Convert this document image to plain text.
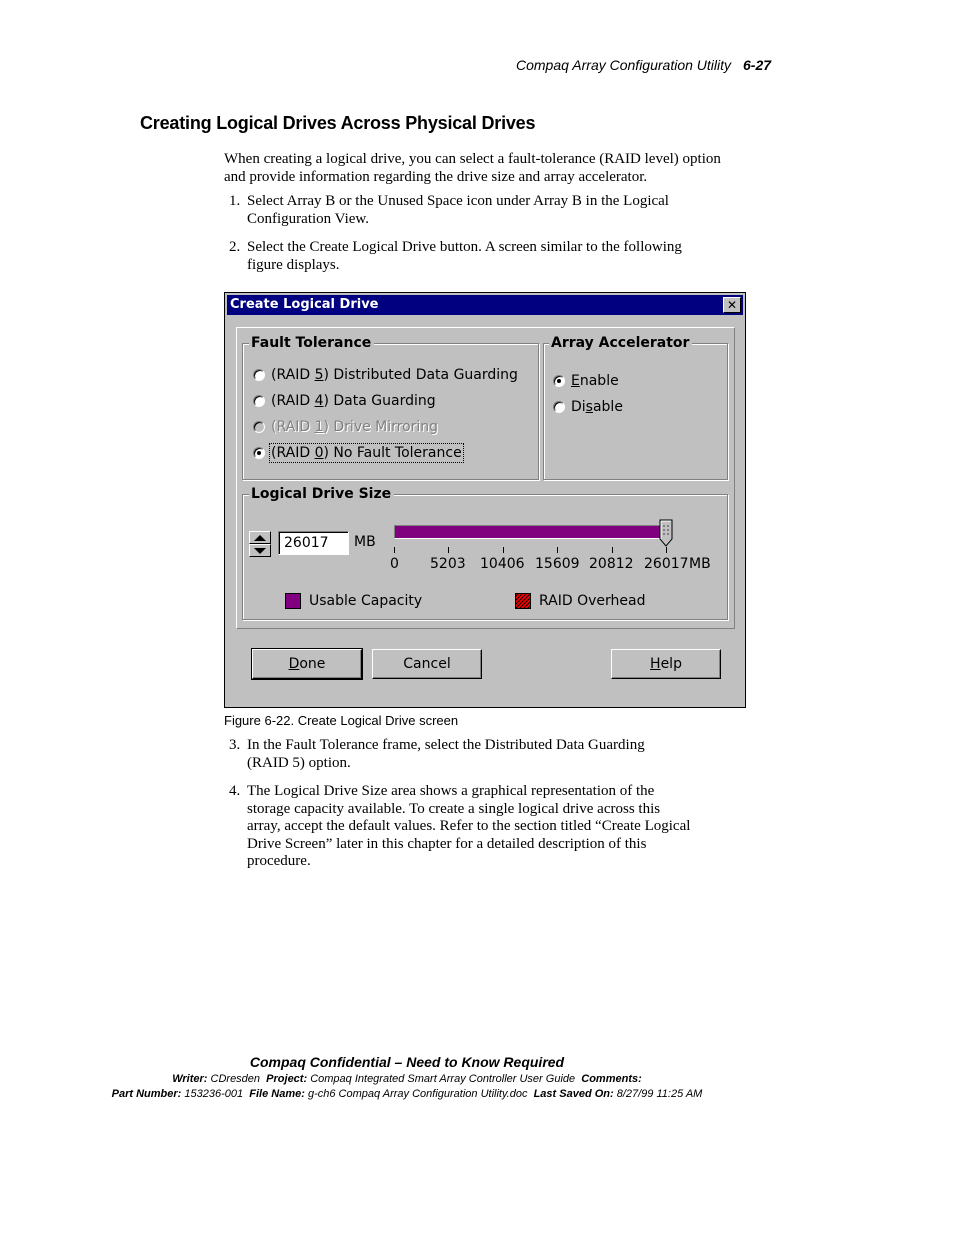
Compaq Array Configuration Utility 6-27
Creating Logical Drives Across Physical Drives
When creating a logical drive, you can select a fault-tolerance (RAID level) option and provide information regarding the drive size and array accelerator.
1. Select Array B or the Unused Space icon under Array B in the Logical Configuration View.
2. Select the Create Logical Drive button. A screen similar to the following figure displays.
Create Logical Drive	✕
Fault Tolerance
(RAID 5) Distributed Data Guarding
(RAID 4) Data Guarding
(RAID 1) Drive Mirroring
(RAID 0) No Fault Tolerance
Array Accelerator
Enable
Disable
Logical Drive Size
26017	MB
0 5203 10406 15609 20812 26017 MB
Usable Capacity	RAID Overhead
Done	Cancel	Help
Figure 6-22. Create Logical Drive screen
3. In the Fault Tolerance frame, select the Distributed Data Guarding (RAID 5) option.
4. The Logical Drive Size area shows a graphical representation of the storage capacity available. To create a single logical drive across this array, accept the default values. Refer to the section titled “Create Logical Drive Screen” later in this chapter for a detailed description of this procedure.
Compaq Confidential – Need to Know Required
Writer: CDresden Project: Compaq Integrated Smart Array Controller User Guide Comments:
Part Number: 153236-001 File Name: g-ch6 Compaq Array Configuration Utility.doc Last Saved On: 8/27/99 11:25 AM
